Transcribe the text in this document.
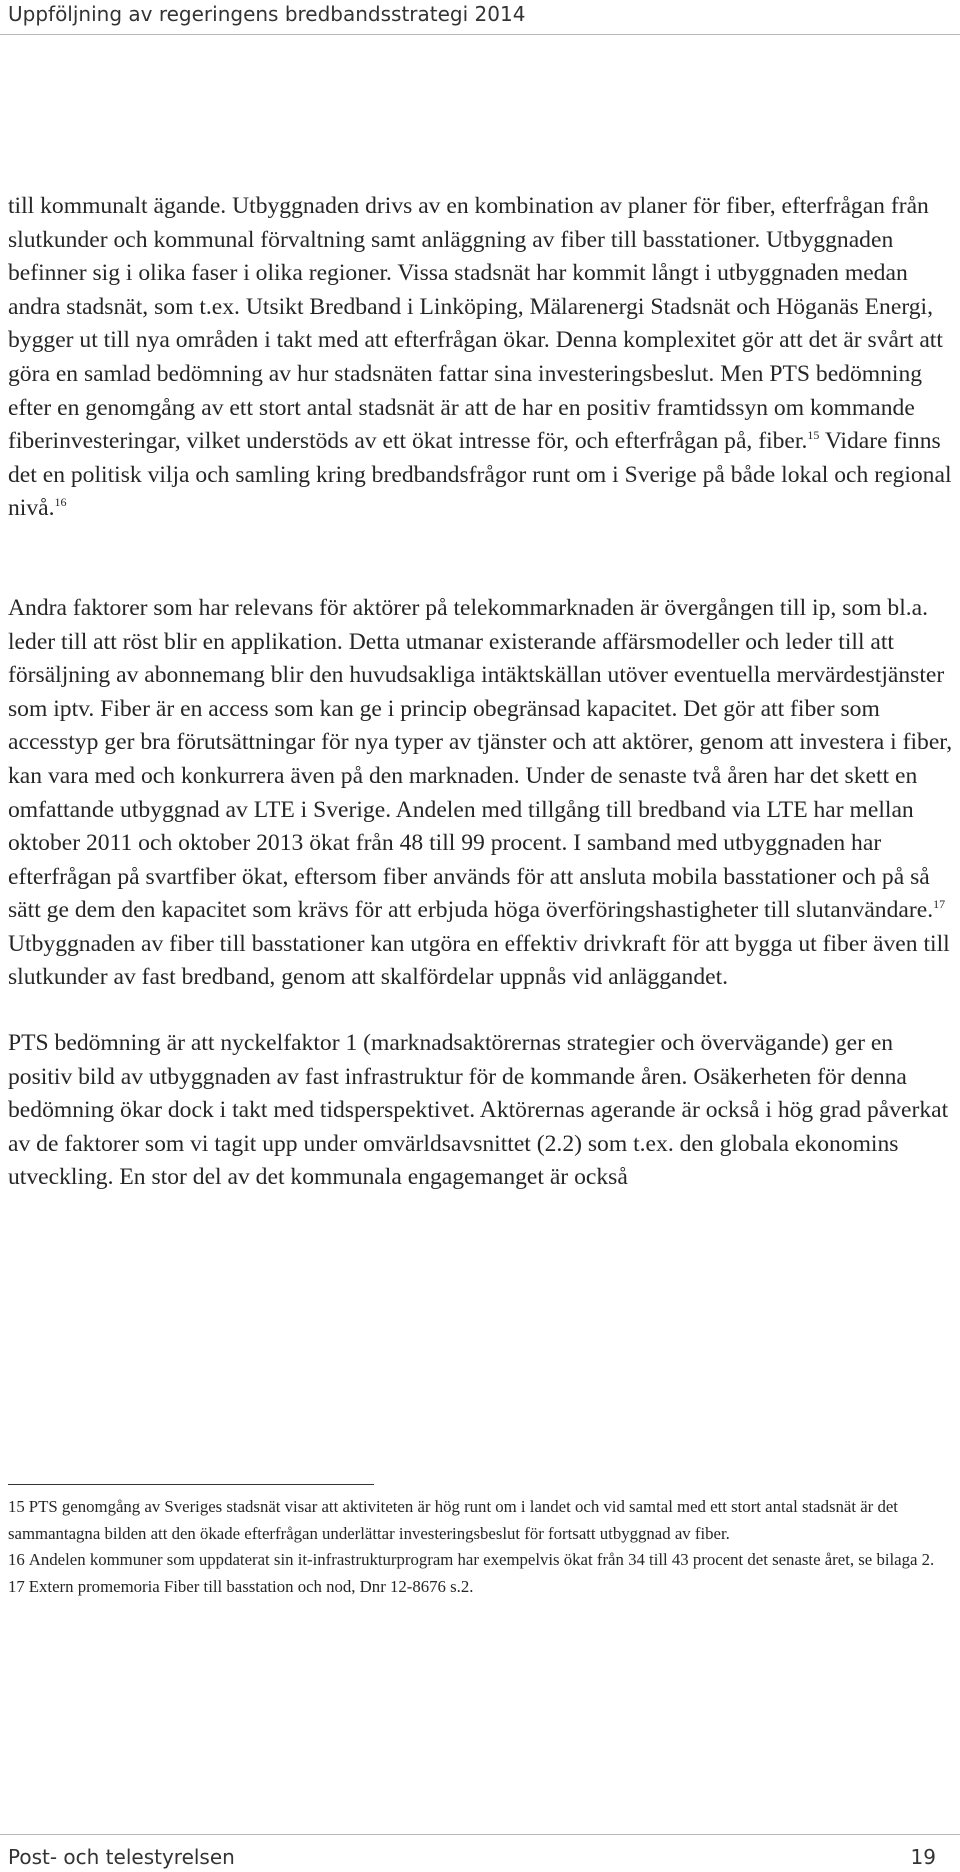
Uppföljning av regeringens bredbandsstrategi 2014

till kommunalt ägande. Utbyggnaden drivs av en kombination av planer för fiber, efterfrågan från slutkunder och kommunal förvaltning samt anläggning av fiber till basstationer. Utbyggnaden befinner sig i olika faser i olika regioner. Vissa stadsnät har kommit långt i utbyggnaden medan andra stadsnät, som t.ex. Utsikt Bredband i Linköping, Mälarenergi Stadsnät och Höganäs Energi, bygger ut till nya områden i takt med att efterfrågan ökar. Denna komplexitet gör att det är svårt att göra en samlad bedömning av hur stadsnäten fattar sina investeringsbeslut. Men PTS bedömning efter en genomgång av ett stort antal stadsnät är att de har en positiv framtidssyn om kommande fiberinvesteringar, vilket understöds av ett ökat intresse för, och efterfrågan på, fiber.$^{15}$ Vidare finns det en politisk vilja och samling kring bredbandsfrågor runt om i Sverige på både lokal och regional nivå.$^{16}$

Andra faktorer som har relevans för aktörer på telekommarknaden är övergången till ip, som bl.a. leder till att röst blir en applikation. Detta utmanar existerande affärsmodeller och leder till att försäljning av abonnemang blir den huvudsakliga intäktskällan utöver eventuella mervärdestjänster som iptv. Fiber är en access som kan ge i princip obegränsad kapacitet. Det gör att fiber som accesstyp ger bra förutsättningar för nya typer av tjänster och att aktörer, genom att investera i fiber, kan vara med och konkurrera även på den marknaden. Under de senaste två åren har det skett en omfattande utbyggnad av LTE i Sverige. Andelen med tillgång till bredband via LTE har mellan oktober 2011 och oktober 2013 ökat från 48 till 99 procent. I samband med utbyggnaden har efterfrågan på svartfiber ökat, eftersom fiber används för att ansluta mobila basstationer och på så sätt ge dem den kapacitet som krävs för att erbjuda höga överföringshastigheter till slutanvändare.$^{17}$ Utbyggnaden av fiber till basstationer kan utgöra en effektiv drivkraft för att bygga ut fiber även till slutkunder av fast bredband, genom att skalfördelar uppnås vid anläggandet.

PTS bedömning är att nyckelfaktor 1 (marknadsaktörernas strategier och övervägande) ger en positiv bild av utbyggnaden av fast infrastruktur för de kommande åren. Osäkerheten för denna bedömning ökar dock i takt med tidsperspektivet. Aktörernas agerande är också i hög grad påverkat av de faktorer som vi tagit upp under omvärldsavsnittet (2.2) som t.ex. den globala ekonomins utveckling. En stor del av det kommunala engagemanget är också

15 PTS genomgång av Sveriges stadsnät visar att aktiviteten är hög runt om i landet och vid samtal med ett stort antal stadsnät är det sammantagna bilden att den ökade efterfrågan underlättar investeringsbeslut för fortsatt utbyggnad av fiber.

16 Andelen kommuner som uppdaterat sin it-infrastrukturprogram har exempelvis ökat från 34 till 43 procent det senaste året, se bilaga 2.

17 Extern promemoria Fiber till basstation och nod, Dnr 12-8676 s.2.

Post- och telestyrelsen	19
